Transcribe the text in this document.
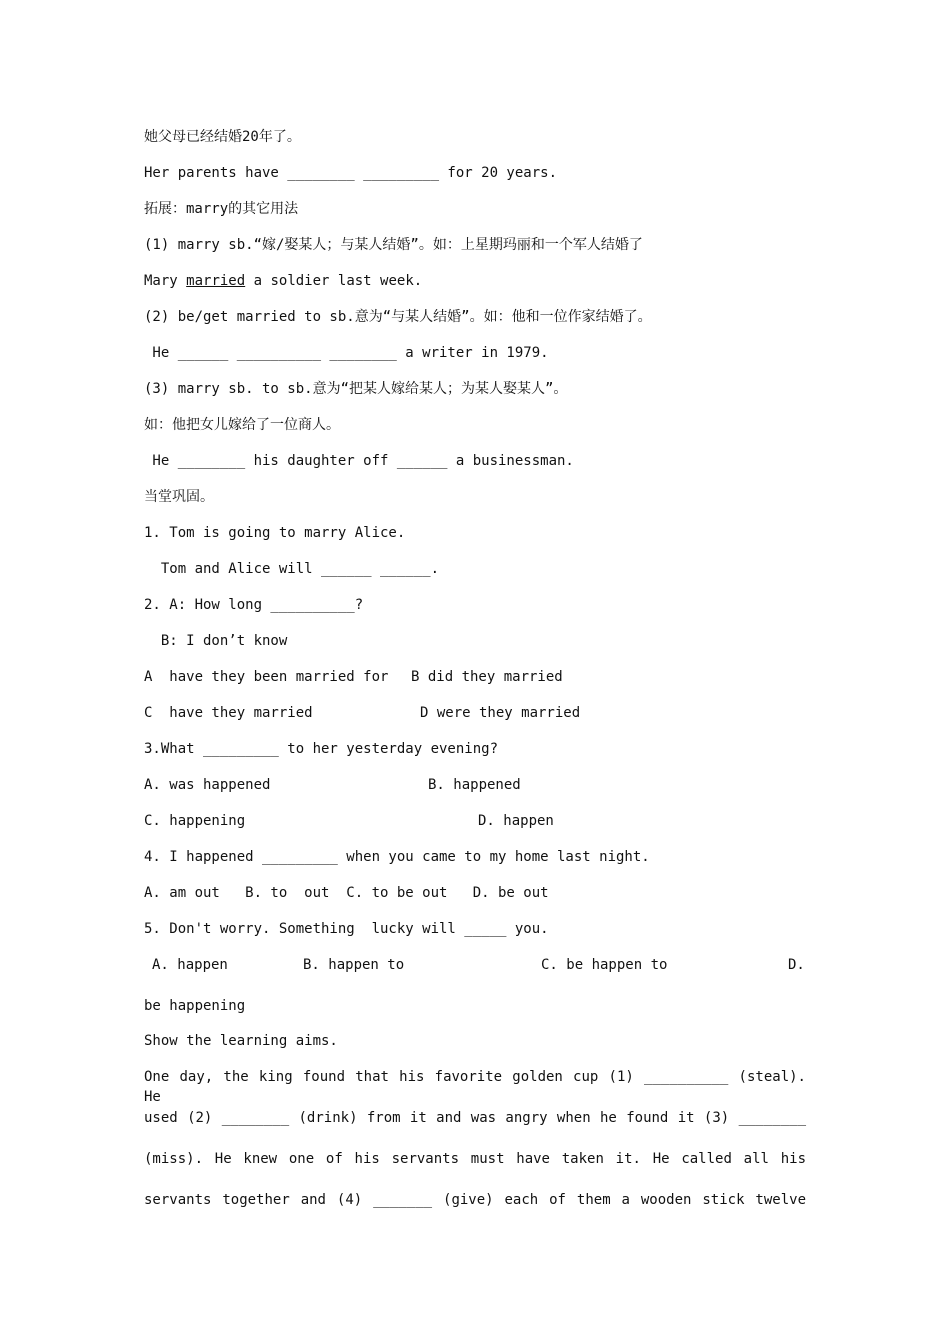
她父母已经结婚20年了。
Her parents have ________ _________ for 20 years.
拓展：marry的其它用法
(1) marry sb.“嫁/娶某人；与某人结婚”。如：上星期玛丽和一个军人结婚了
Mary married a soldier last week.
(2) be/get married to sb.意为“与某人结婚”。如：他和一位作家结婚了。
He ______ __________ ________ a writer in 1979.
(3) marry sb. to sb.意为“把某人嫁给某人；为某人娶某人”。
如：他把女儿嫁给了一位商人。
He ________ his daughter off ______ a businessman.
当堂巩固。
1. Tom is going to marry Alice.
Tom and Alice will ______ ______.
2. A: How long __________?
B: I don’t know
A  have they been married for B did they married
C  have they married	D were they married
3.What _________ to her yesterday evening?
A. was happened	B. happened
C. happening	D. happen
4. I happened _________ when you came to my home last night.
A. am out   B. to  out  C. to be out   D. be out
5. Don't worry. Something  lucky will _____ you.
A. happen	B. happen to	C. be happen to	D.
be happening
Show the learning aims.
One day, the king found that his favorite golden cup (1) __________ (steal). He
used (2) ________ (drink) from it and was angry when he found it (3) ________
(miss). He knew one of his servants must have taken it. He called all his
servants together and (4) _______ (give) each of them a wooden stick twelve
